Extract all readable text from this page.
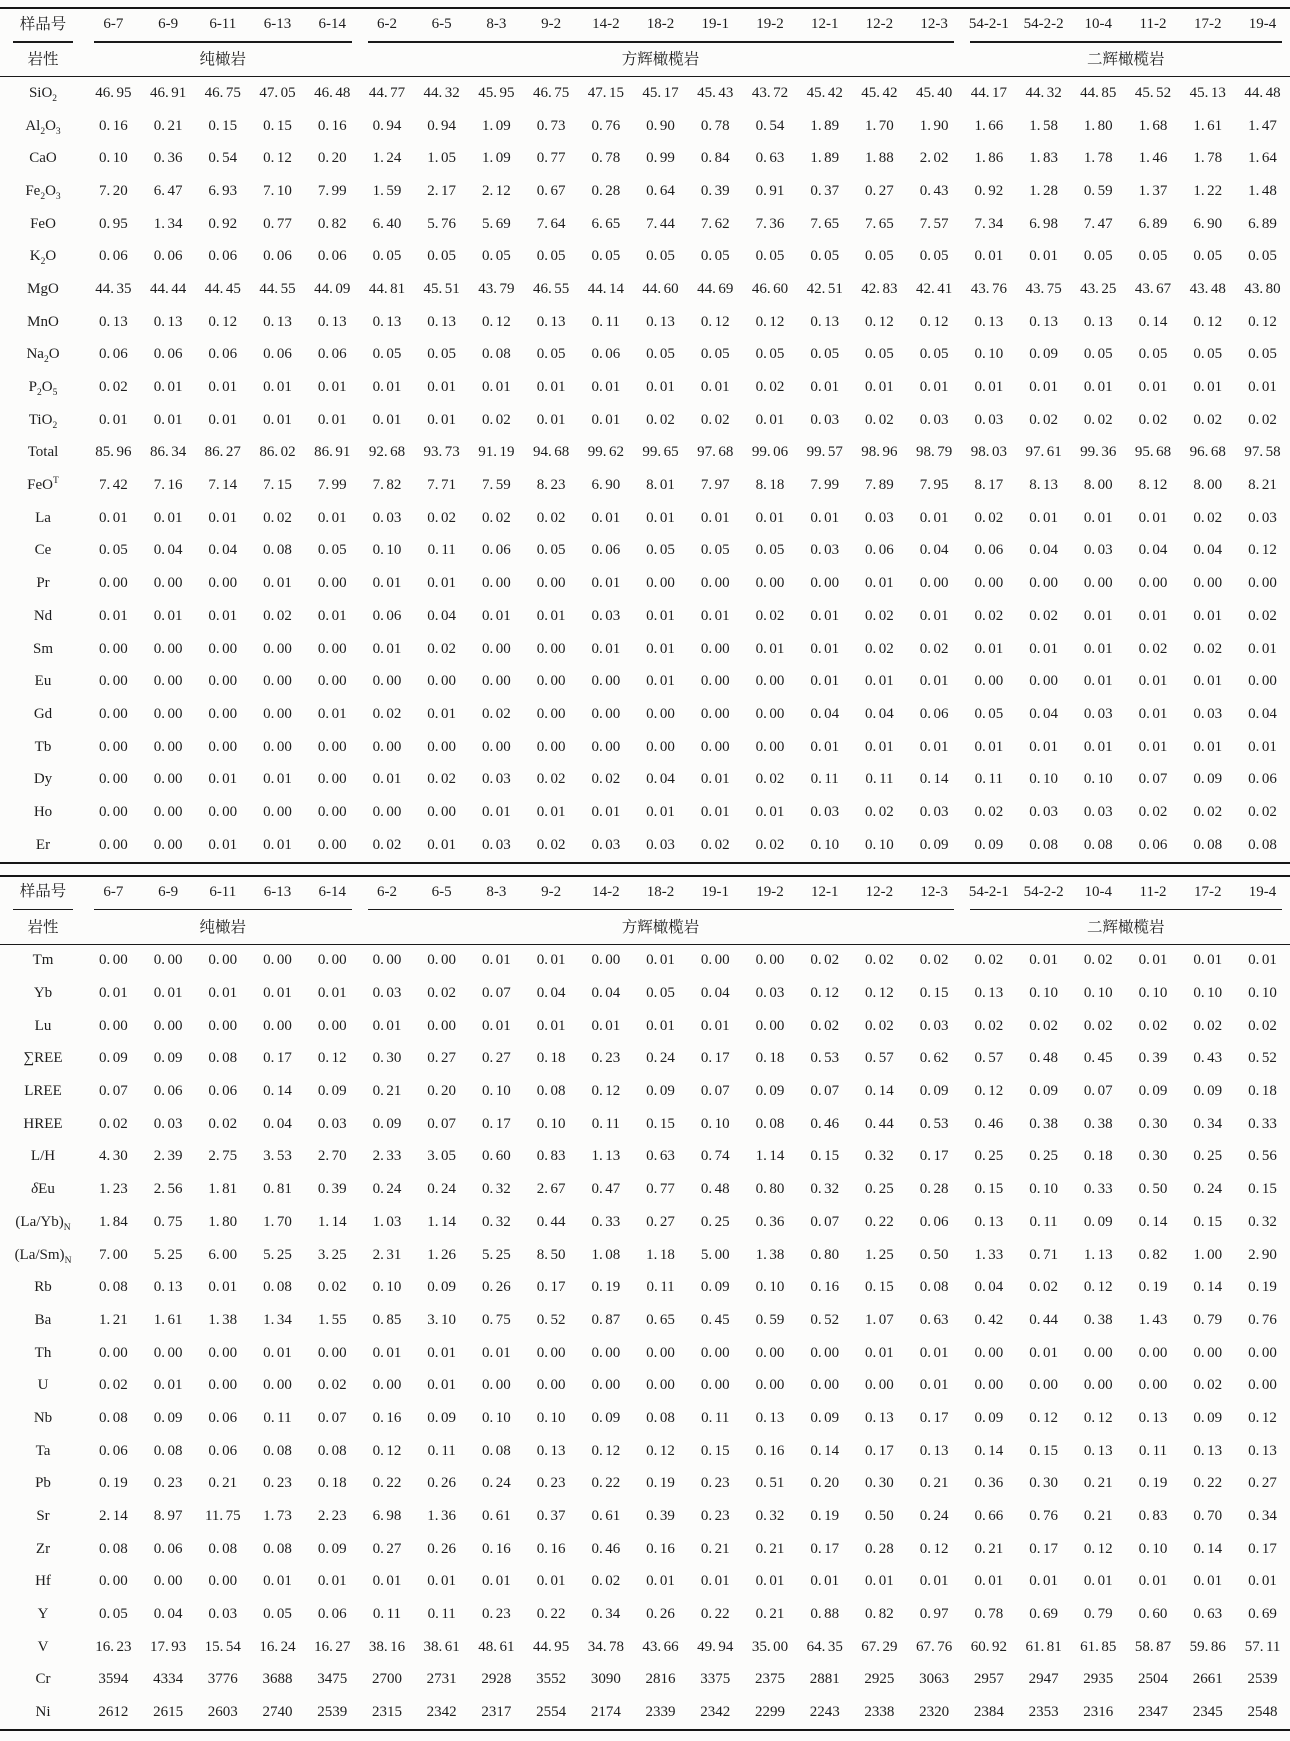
样品号	6-7	6-9	6-11	6-13	6-14	6-2	6-5	8-3	9-2	14-2	18-2	19-1	19-2	12-1	12-2	12-3	54-2-1	54-2-2	10-4	11-2	17-2	19-4

岩性	纯橄岩					方辉橄榄岩											二辉橄榄岩					
SiO$_2$	46. 95	46. 91	46. 75	47. 05	46. 48	44. 77	44. 32	45. 95	46. 75	47. 15	45. 17	45. 43	43. 72	45. 42	45. 42	45. 40	44. 17	44. 32	44. 85	45. 52	45. 13	44. 48
$Al_2O_3$	0. 16	0. 21	0. 15	0. 15	0. 16	0. 94	0. 94	1. 09	0. 73	0. 76	0. 90	0. 78	0. 54	1. 89	1. 70	1. 90	1. 66	1. 58	1. 80	1. 68	1. 61	1. 47
CaO	0. 10	0. 36	0. 54	0. 12	0. 20	1. 24	1. 05	1. 09	0. 77	0. 78	0. 99	0. 84	0. 63	1. 89	1. 88	2. 02	1. 86	1. 83	1. 78	1. 46	1. 78	1. 64
$Fe_2O_3$	7. 20	6. 47	6. 93	7. 10	7. 99	1. 59	2. 17	2. 12	0. 67	0. 28	0. 64	0. 39	0. 91	0. 37	0. 27	0. 43	0. 92	1. 28	0. 59	1. 37	1. 22	1. 48
FeO	0. 95	1. 34	0. 92	0. 77	0. 82	6. 40	5. 76	5. 69	7. 64	6. 65	7. 44	7. 62	7. 36	7. 65	7. 65	7. 57	7. 34	6. 98	7. 47	6. 89	6. 90	6. 89
$K_2O$	0. 06	0. 06	0. 06	0. 06	0. 06	0. 05	0. 05	0. 05	0. 05	0. 05	0. 05	0. 05	0. 05	0. 05	0. 05	0. 05	0. 01	0. 01	0. 05	0. 05	0. 05	0. 05
MgO	44. 35	44. 44	44. 45	44. 55	44. 09	44. 81	45. 51	43. 79	46. 55	44. 14	44. 60	44. 69	46. 60	42. 51	42. 83	42. 41	43. 76	43. 75	43. 25	43. 67	43. 48	43. 80
MnO	0. 13	0. 13	0. 12	0. 13	0. 13	0. 13	0. 13	0. 12	0. 13	0. 11	0. 13	0. 12	0. 12	0. 13	0. 12	0. 12	0. 13	0. 13	0. 13	0. 14	0. 12	0. 12
$Na_2O$	0. 06	0. 06	0. 06	0. 06	0. 06	0. 05	0. 05	0. 08	0. 05	0. 06	0. 05	0. 05	0. 05	0. 05	0. 05	0. 05	0. 10	0. 09	0. 05	0. 05	0. 05	0. 05
$P_2O_5$	0. 02	0. 01	0. 01	0. 01	0. 01	0. 01	0. 01	0. 01	0. 01	0. 01	0. 01	0. 01	0. 02	0. 01	0. 01	0. 01	0. 01	0. 01	0. 01	0. 01	0. 01	0. 01
TiO$_2$	0. 01	0. 01	0. 01	0. 01	0. 01	0. 01	0. 01	0. 02	0. 01	0. 01	0. 02	0. 02	0. 01	0. 03	0. 02	0. 03	0. 03	0. 02	0. 02	0. 02	0. 02	0. 02
Total	85. 96	86. 34	86. 27	86. 02	86. 91	92. 68	93. 73	91. 19	94. 68	99. 62	99. 65	97. 68	99. 06	99. 57	98. 96	98. 79	98. 03	97. 61	99. 36	95. 68	96. 68	97. 58
FeO$^T$	7. 42	7. 16	7. 14	7. 15	7. 99	7. 82	7. 71	7. 59	8. 23	6. 90	8. 01	7. 97	8. 18	7. 99	7. 89	7. 95	8. 17	8. 13	8. 00	8. 12	8. 00	8. 21
La	0. 01	0. 01	0. 01	0. 02	0. 01	0. 03	0. 02	0. 02	0. 02	0. 01	0. 01	0. 01	0. 01	0. 01	0. 03	0. 01	0. 02	0. 01	0. 01	0. 01	0. 02	0. 03
Ce	0. 05	0. 04	0. 04	0. 08	0. 05	0. 10	0. 11	0. 06	0. 05	0. 06	0. 05	0. 05	0. 05	0. 03	0. 06	0. 04	0. 06	0. 04	0. 03	0. 04	0. 04	0. 12
Pr	0. 00	0. 00	0. 00	0. 01	0. 00	0. 01	0. 01	0. 00	0. 00	0. 01	0. 00	0. 00	0. 00	0. 00	0. 01	0. 00	0. 00	0. 00	0. 00	0. 00	0. 00	0. 00
Nd	0. 01	0. 01	0. 01	0. 02	0. 01	0. 06	0. 04	0. 01	0. 01	0. 03	0. 01	0. 01	0. 02	0. 01	0. 02	0. 01	0. 02	0. 02	0. 01	0. 01	0. 01	0. 02
Sm	0. 00	0. 00	0. 00	0. 00	0. 00	0. 01	0. 02	0. 00	0. 00	0. 01	0. 01	0. 00	0. 01	0. 01	0. 02	0. 02	0. 01	0. 01	0. 01	0. 02	0. 02	0. 01
Eu	0. 00	0. 00	0. 00	0. 00	0. 00	0. 00	0. 00	0. 00	0. 00	0. 00	0. 01	0. 00	0. 00	0. 01	0. 01	0. 01	0. 00	0. 00	0. 01	0. 01	0. 01	0. 00
Gd	0. 00	0. 00	0. 00	0. 00	0. 01	0. 02	0. 01	0. 02	0. 00	0. 00	0. 00	0. 00	0. 00	0. 04	0. 04	0. 06	0. 05	0. 04	0. 03	0. 01	0. 03	0. 04
Tb	0. 00	0. 00	0. 00	0. 00	0. 00	0. 00	0. 00	0. 00	0. 00	0. 00	0. 00	0. 00	0. 00	0. 01	0. 01	0. 01	0. 01	0. 01	0. 01	0. 01	0. 01	0. 01
Dy	0. 00	0. 00	0. 01	0. 01	0. 00	0. 01	0. 02	0. 03	0. 02	0. 02	0. 04	0. 01	0. 02	0. 11	0. 11	0. 14	0. 11	0. 10	0. 10	0. 07	0. 09	0. 06
Ho	0. 00	0. 00	0. 00	0. 00	0. 00	0. 00	0. 00	0. 01	0. 01	0. 01	0. 01	0. 01	0. 01	0. 03	0. 02	0. 03	0. 02	0. 03	0. 03	0. 02	0. 02	0. 02
Er	0. 00	0. 00	0. 01	0. 01	0. 00	0. 02	0. 01	0. 03	0. 02	0. 03	0. 03	0. 02	0. 02	0. 10	0. 10	0. 09	0. 09	0. 08	0. 08	0. 06	0. 08	0. 08
样品号	6-7	6-9	6-11	6-13	6-14	6-2	6-5	8-3	9-2	14-2	18-2	19-1	19-2	12-1	12-2	12-3	54-2-1	54-2-2	10-4	11-2	17-2	19-4

岩性	纯橄岩					方辉橄榄岩											二辉橄榄岩					
Tm	0. 00	0. 00	0. 00	0. 00	0. 00	0. 00	0. 00	0. 01	0. 01	0. 00	0. 01	0. 00	0. 00	0. 02	0. 02	0. 02	0. 02	0. 01	0. 02	0. 01	0. 01	0. 01
Yb	0. 01	0. 01	0. 01	0. 01	0. 01	0. 03	0. 02	0. 07	0. 04	0. 04	0. 05	0. 04	0. 03	0. 12	0. 12	0. 15	0. 13	0. 10	0. 10	0. 10	0. 10	0. 10
Lu	0. 00	0. 00	0. 00	0. 00	0. 00	0. 01	0. 00	0. 01	0. 01	0. 01	0. 01	0. 01	0. 00	0. 02	0. 02	0. 03	0. 02	0. 02	0. 02	0. 02	0. 02	0. 02
∑REE	0. 09	0. 09	0. 08	0. 17	0. 12	0. 30	0. 27	0. 27	0. 18	0. 23	0. 24	0. 17	0. 18	0. 53	0. 57	0. 62	0. 57	0. 48	0. 45	0. 39	0. 43	0. 52
LREE	0. 07	0. 06	0. 06	0. 14	0. 09	0. 21	0. 20	0. 10	0. 08	0. 12	0. 09	0. 07	0. 09	0. 07	0. 14	0. 09	0. 12	0. 09	0. 07	0. 09	0. 09	0. 18
HREE	0. 02	0. 03	0. 02	0. 04	0. 03	0. 09	0. 07	0. 17	0. 10	0. 11	0. 15	0. 10	0. 08	0. 46	0. 44	0. 53	0. 46	0. 38	0. 38	0. 30	0. 34	0. 33
L/H	4. 30	2. 39	2. 75	3. 53	2. 70	2. 33	3. 05	0. 60	0. 83	1. 13	0. 63	0. 74	1. 14	0. 15	0. 32	0. 17	0. 25	0. 25	0. 18	0. 30	0. 25	0. 56
δEu	1. 23	2. 56	1. 81	0. 81	0. 39	0. 24	0. 24	0. 32	2. 67	0. 47	0. 77	0. 48	0. 80	0. 32	0. 25	0. 28	0. 15	0. 10	0. 33	0. 50	0. 24	0. 15
$(La/Yb)_N$	1. 84	0. 75	1. 80	1. 70	1. 14	1. 03	1. 14	0. 32	0. 44	0. 33	0. 27	0. 25	0. 36	0. 07	0. 22	0. 06	0. 13	0. 11	0. 09	0. 14	0. 15	0. 32
$(La/Sm)_N$	7. 00	5. 25	6. 00	5. 25	3. 25	2. 31	1. 26	5. 25	8. 50	1. 08	1. 18	5. 00	1. 38	0. 80	1. 25	0. 50	1. 33	0. 71	1. 13	0. 82	1. 00	2. 90
Rb	0. 08	0. 13	0. 01	0. 08	0. 02	0. 10	0. 09	0. 26	0. 17	0. 19	0. 11	0. 09	0. 10	0. 16	0. 15	0. 08	0. 04	0. 02	0. 12	0. 19	0. 14	0. 19
Ba	1. 21	1. 61	1. 38	1. 34	1. 55	0. 85	3. 10	0. 75	0. 52	0. 87	0. 65	0. 45	0. 59	0. 52	1. 07	0. 63	0. 42	0. 44	0. 38	1. 43	0. 79	0. 76
Th	0. 00	0. 00	0. 00	0. 01	0. 00	0. 01	0. 01	0. 01	0. 00	0. 00	0. 00	0. 00	0. 00	0. 00	0. 01	0. 01	0. 00	0. 01	0. 00	0. 00	0. 00	0. 00
U	0. 02	0. 01	0. 00	0. 00	0. 02	0. 00	0. 01	0. 00	0. 00	0. 00	0. 00	0. 00	0. 00	0. 00	0. 00	0. 01	0. 00	0. 00	0. 00	0. 00	0. 02	0. 00
Nb	0. 08	0. 09	0. 06	0. 11	0. 07	0. 16	0. 09	0. 10	0. 10	0. 09	0. 08	0. 11	0. 13	0. 09	0. 13	0. 17	0. 09	0. 12	0. 12	0. 13	0. 09	0. 12
Ta	0. 06	0. 08	0. 06	0. 08	0. 08	0. 12	0. 11	0. 08	0. 13	0. 12	0. 12	0. 15	0. 16	0. 14	0. 17	0. 13	0. 14	0. 15	0. 13	0. 11	0. 13	0. 13
Pb	0. 19	0. 23	0. 21	0. 23	0. 18	0. 22	0. 26	0. 24	0. 23	0. 22	0. 19	0. 23	0. 51	0. 20	0. 30	0. 21	0. 36	0. 30	0. 21	0. 19	0. 22	0. 27
Sr	2. 14	8. 97	11. 75	1. 73	2. 23	6. 98	1. 36	0. 61	0. 37	0. 61	0. 39	0. 23	0. 32	0. 19	0. 50	0. 24	0. 66	0. 76	0. 21	0. 83	0. 70	0. 34
Zr	0. 08	0. 06	0. 08	0. 08	0. 09	0. 27	0. 26	0. 16	0. 16	0. 46	0. 16	0. 21	0. 21	0. 17	0. 28	0. 12	0. 21	0. 17	0. 12	0. 10	0. 14	0. 17
Hf	0. 00	0. 00	0. 00	0. 01	0. 01	0. 01	0. 01	0. 01	0. 01	0. 02	0. 01	0. 01	0. 01	0. 01	0. 01	0. 01	0. 01	0. 01	0. 01	0. 01	0. 01	0. 01
Y	0. 05	0. 04	0. 03	0. 05	0. 06	0. 11	0. 11	0. 23	0. 22	0. 34	0. 26	0. 22	0. 21	0. 88	0. 82	0. 97	0. 78	0. 69	0. 79	0. 60	0. 63	0. 69
V	16. 23	17. 93	15. 54	16. 24	16. 27	38. 16	38. 61	48. 61	44. 95	34. 78	43. 66	49. 94	35. 00	64. 35	67. 29	67. 76	60. 92	61. 81	61. 85	58. 87	59. 86	57. 11
Cr	3594	4334	3776	3688	3475	2700	2731	2928	3552	3090	2816	3375	2375	2881	2925	3063	2957	2947	2935	2504	2661	2539
Ni	2612	2615	2603	2740	2539	2315	2342	2317	2554	2174	2339	2342	2299	2243	2338	2320	2384	2353	2316	2347	2345	2548
